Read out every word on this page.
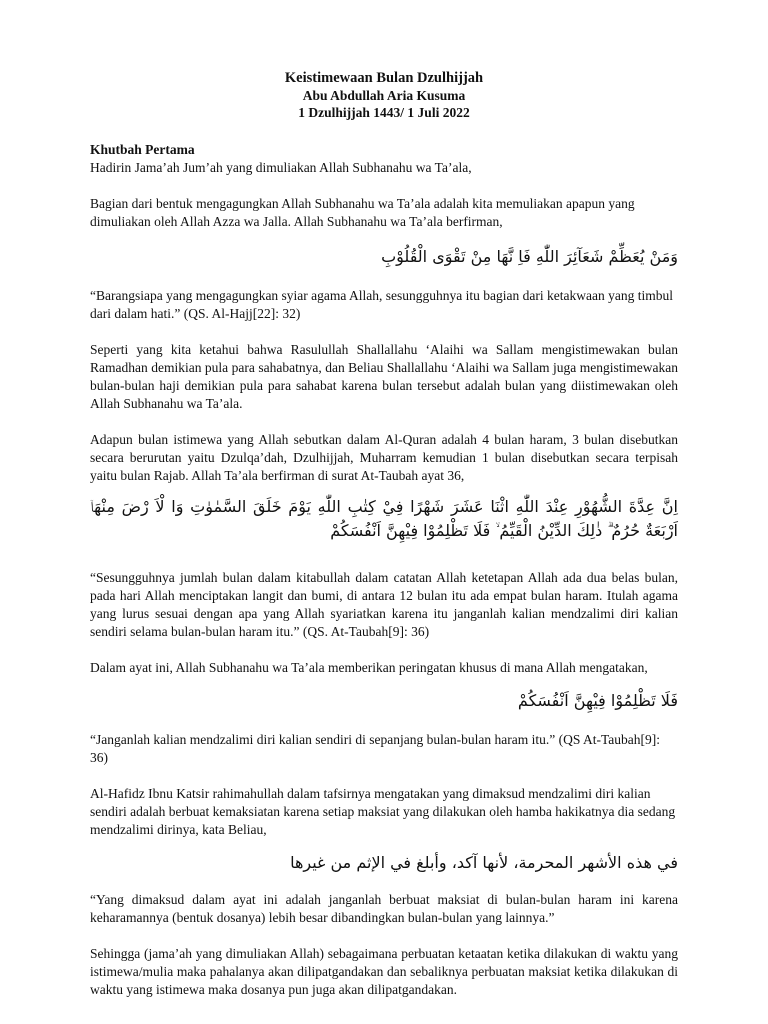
Keistimewaan Bulan Dzulhijjah
Abu Abdullah Aria Kusuma
1 Dzulhijjah 1443/ 1 Juli 2022
Khutbah Pertama

Hadirin Jama’ah Jum’ah yang dimuliakan Allah Subhanahu wa Ta’ala,

Bagian dari bentuk mengagungkan Allah Subhanahu wa Ta’ala adalah kita memuliakan apapun yang dimuliakan oleh Allah Azza wa Jalla. Allah Subhanahu wa Ta’ala berfirman,

وَمَنْ يُعَظِّمْ شَعَآئِرَ اللّٰهِ فَاِ نَّهَا مِنْ تَقْوَى الْقُلُوْبِ

“Barangsiapa yang mengagungkan syiar agama Allah, sesungguhnya itu bagian dari ketakwaan yang timbul dari dalam hati.” (QS. Al-Hajj[22]: 32)

Seperti yang kita ketahui bahwa Rasulullah Shallallahu ‘Alaihi wa Sallam mengistimewakan bulan Ramadhan demikian pula para sahabatnya, dan Beliau Shallallahu ‘Alaihi wa Sallam juga mengistimewakan bulan-bulan haji demikian pula para sahabat karena bulan tersebut adalah bulan yang diistimewakan oleh Allah Subhanahu wa Ta’ala.

Adapun bulan istimewa yang Allah sebutkan dalam Al-Quran adalah 4 bulan haram, 3 bulan disebutkan secara berurutan yaitu Dzulqa’dah, Dzulhijjah, Muharram kemudian 1 bulan disebutkan secara terpisah yaitu bulan Rajab. Allah Ta’ala berfirman di surat At-Taubah ayat 36,

اِنَّ عِدَّةَ الشُّهُوْرِ عِنْدَ اللّٰهِ اثْنَا عَشَرَ شَهْرًا فِيْ كِتٰبِ اللّٰهِ يَوْمَ خَلَقَ السَّمٰوٰتِ وَا لْاَ رْضَ مِنْهَاۤ اَرْبَعَةٌ حُرُمٌ ۗ ذٰلِكَ الدِّيْنُ الْقَيِّمُ ۙ فَلَا تَظْلِمُوْا فِيْهِنَّ اَنْفُسَكُمْ

“Sesungguhnya jumlah bulan dalam kitabullah dalam catatan Allah ketetapan Allah ada dua belas bulan, pada hari Allah menciptakan langit dan bumi, di antara 12 bulan itu ada empat bulan haram. Itulah agama yang lurus sesuai dengan apa yang Allah syariatkan karena itu janganlah kalian mendzalimi diri kalian sendiri selama bulan-bulan haram itu.” (QS. At-Taubah[9]: 36)

Dalam ayat ini, Allah Subhanahu wa Ta’ala memberikan peringatan khusus di mana Allah mengatakan,

فَلَا تَظْلِمُوْا فِيْهِنَّ اَنْفُسَكُمْ

“Janganlah kalian mendzalimi diri kalian sendiri di sepanjang bulan-bulan haram itu.” (QS At-Taubah[9]: 36)

Al-Hafidz Ibnu Katsir rahimahullah dalam tafsirnya mengatakan yang dimaksud mendzalimi diri kalian sendiri adalah berbuat kemaksiatan karena setiap maksiat yang dilakukan oleh hamba hakikatnya dia sedang mendzalimi dirinya, kata Beliau,

في هذه الأشهر المحرمة، لأنها آكد، وأبلغ في الإثم من غيرها

“Yang dimaksud dalam ayat ini adalah janganlah berbuat maksiat di bulan-bulan haram ini karena keharamannya (bentuk dosanya) lebih besar dibandingkan bulan-bulan yang lainnya.”

Sehingga (jama’ah yang dimuliakan Allah) sebagaimana perbuatan ketaatan ketika dilakukan di waktu yang istimewa/mulia maka pahalanya akan dilipatgandakan dan sebaliknya perbuatan maksiat ketika dilakukan di waktu yang istimewa maka dosanya pun juga akan dilipatgandakan.
